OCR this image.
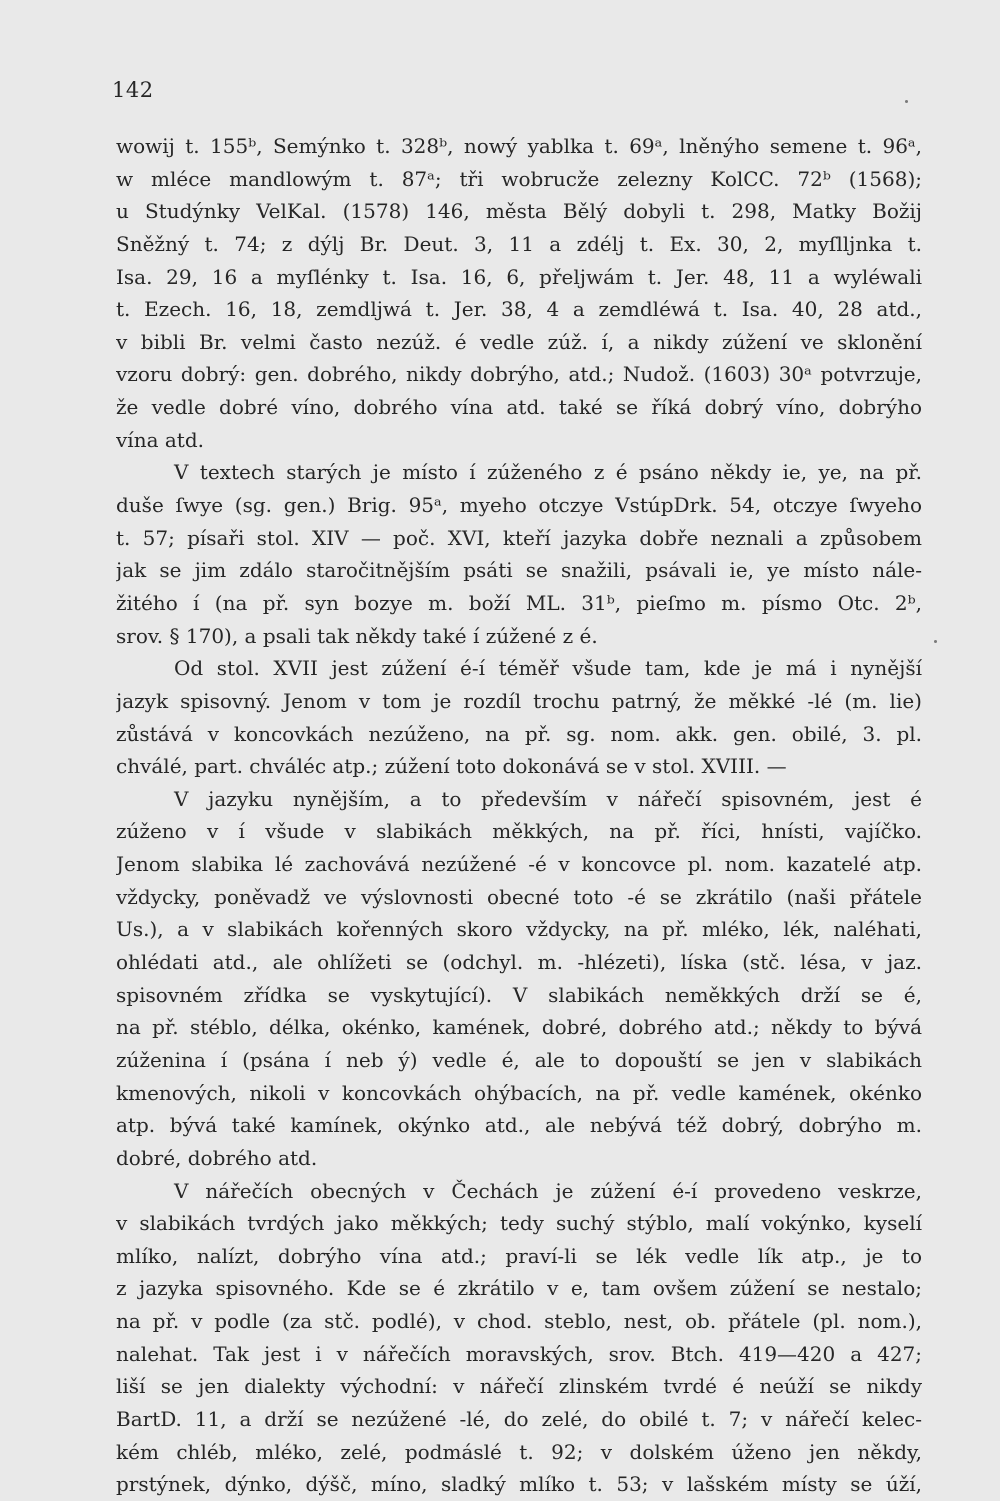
142
wowij t. 155ᵇ, Semýnko t. 328ᵇ, nowý yablka t. 69ᵃ, lněnýho semene t. 96ᵃ,
w mléce mandlowým t. 87ᵃ; tři wobrucže zelezny KolCC. 72ᵇ (1568);
u Studýnky VelKal. (1578) 146, města Bělý dobyli t. 298, Matky Božij
Sněžný t. 74; z dýlj Br. Deut. 3, 11 a zdélj t. Ex. 30, 2, myſlljnka t.
Isa. 29, 16 a myſlénky t. Isa. 16, 6, přeljwám t. Jer. 48, 11 a wyléwali
t. Ezech. 16, 18, zemdljwá t. Jer. 38, 4 a zemdléwá t. Isa. 40, 28 atd.,
v bibli Br. velmi často nezúž. é vedle zúž. í, a nikdy zúžení ve sklonění
vzoru dobrý: gen. dobrého, nikdy dobrýho, atd.; Nudož. (1603) 30ᵃ potvrzuje,
že vedle dobré víno, dobrého vína atd. také se říká dobrý víno, dobrýho
vína atd.
V textech starých je místo í zúženého z é psáno někdy ie, ye, na př.
duše ſwye (sg. gen.) Brig. 95ᵃ, myeho otczye VstúpDrk. 54, otczye ſwyeho
t. 57; písaři stol. XIV — poč. XVI, kteří jazyka dobře neznali a způsobem
jak se jim zdálo staročitnějším psáti se snažili, psávali ie, ye místo nále-
žitého í (na př. syn bozye m. boží ML. 31ᵇ, pieſmo m. písmo Otc. 2ᵇ,
srov. § 170), a psali tak někdy také í zúžené z é.
Od stol. XVII jest zúžení é-í téměř všude tam, kde je má i nynější
jazyk spisovný. Jenom v tom je rozdíl trochu patrný, že měkké -lé (m. lie)
zůstává v koncovkách nezúženo, na př. sg. nom. akk. gen. obilé, 3. pl.
chválé, part. chváléc atp.; zúžení toto dokonává se v stol. XVIII. —
V jazyku nynějším, a to především v nářečí spisovném, jest é
zúženo v í všude v slabikách měkkých, na př. říci, hnísti, vajíčko.
Jenom slabika lé zachovává nezúžené -é v koncovce pl. nom. kazatelé atp.
vždycky, poněvadž ve výslovnosti obecné toto -é se zkrátilo (naši přátele
Us.), a v slabikách kořenných skoro vždycky, na př. mléko, lék, naléhati,
ohlédati atd., ale ohlížeti se (odchyl. m. -hlézeti), líska (stč. lésa, v jaz.
spisovném zřídka se vyskytující). V slabikách neměkkých drží se é,
na př. stéblo, délka, okénko, kamének, dobré, dobrého atd.; někdy to bývá
zúženina í (psána í neb ý) vedle é, ale to dopouští se jen v slabikách
kmenových, nikoli v koncovkách ohýbacích, na př. vedle kamének, okénko
atp. bývá také kamínek, okýnko atd., ale nebývá též dobrý, dobrýho m.
dobré, dobrého atd.
V nářečích obecných v Čechách je zúžení é-í provedeno veskrze,
v slabikách tvrdých jako měkkých; tedy suchý stýblo, malí vokýnko, kyselí
mlíko, nalízt, dobrýho vína atd.; praví-li se lék vedle lík atp., je to
z jazyka spisovného. Kde se é zkrátilo v e, tam ovšem zúžení se nestalo;
na př. v podle (za stč. podlé), v chod. steblo, nest, ob. přátele (pl. nom.),
nalehat. Tak jest i v nářečích moravských, srov. Btch. 419—420 a 427;
liší se jen dialekty východní: v nářečí zlinském tvrdé é neúží se nikdy
BartD. 11, a drží se nezúžené -lé, do zelé, do obilé t. 7; v nářečí kelec-
kém chléb, mléko, zelé, podmáslé t. 92; v dolském úženo jen někdy,
prstýnek, dýnko, dýšč, míno, sladký mlíko t. 53; v lašském místy se úží,
